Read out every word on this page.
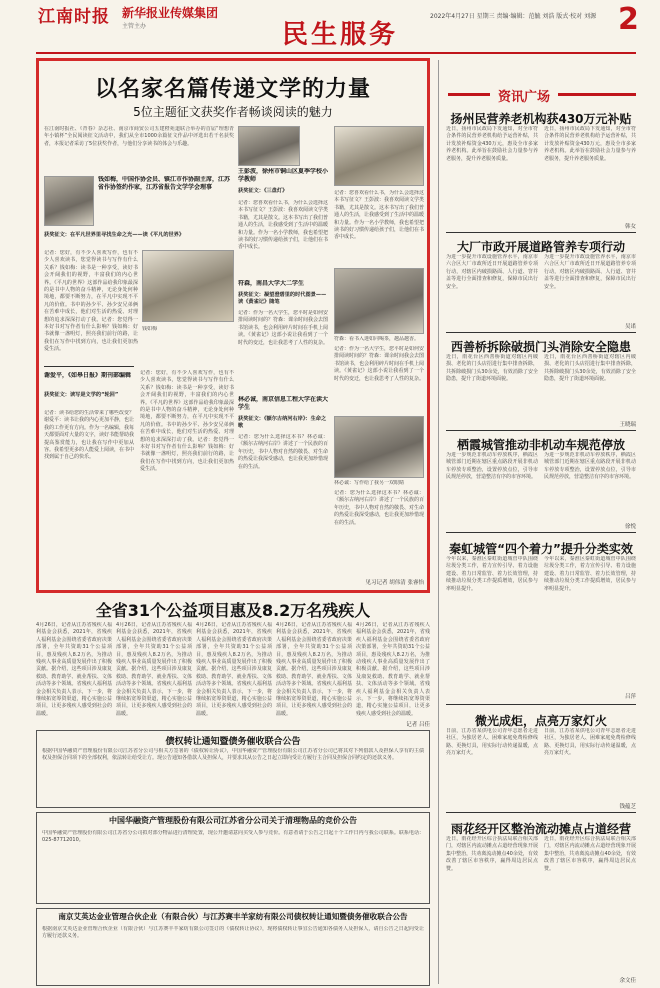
江南时报 新华报业传媒集团
主管主办	民生服务
2022年4月27日 星期三 责编·编辑：范毓 刘浩 版式·校对 刘源 2
以名家名篇传递文学的力量
5位主题征文获奖作者畅谈阅读的魅力
在江南时报社、《青春》杂志社、南京市商贸公司五建橙苑道联合举办的首届“理想青年小镇杯”全民阅读征文活动中，我们从全市1000余篇征文作品中评选出若干名获奖者，本报记者采访了5位获奖作者，与他们分享读书的体会与乐趣。
钱如梅，中国作协会员、镇江市作协副主席，江苏省作协签约作家，江苏省报告文学学会理事
获奖征文：在平凡世界里寻找生命之光——读《平凡的世界》
记者：您好，有不少人喜欢写作，也有不少人喜欢读书，您觉得读书与写作有什么关系？钱如梅：读书是一种享受，读好书会开阔我们的视野，丰富我们的内心世界。《平凡的世界》这部作品给我印象最深的是书中人物的奋斗精神，无论身处何种境地，都要不断努力，在平凡中实现不平凡的价值。书中的孙少平、孙少安兄弟俩在苦难中成长，他们对生活的热爱、对理想的追求深深打动了我。记者：您觉得一本好书对写作者有什么影响？钱如梅：好书就像一盏明灯，照亮我们前行的路，让我们在写作中找到方向，也让我们更加热爱生活。
钱如梅
谢爱平，《如皋日报》期刊部编辑
获奖征文：读写是文学的“轮回”
记者：读书给您的生活带来了哪些改变？谢爱平：读书让我的内心更加平静，也让我的工作更有方向。作为一名编辑，我每天都要面对大量的文字，读好书能帮助我提高鉴赏能力，也让我在写作中更加从容。我希望更多的人能爱上阅读，在书中找到属于自己的快乐。
记者：您好，有不少人喜欢写作，也有不少人喜欢读书，您觉得读书与写作有什么关系？钱如梅：读书是一种享受，读好书会开阔我们的视野，丰富我们的内心世界。《平凡的世界》这部作品给我印象最深的是书中人物的奋斗精神，无论身处何种境地，都要不断努力，在平凡中实现不平凡的价值。书中的孙少平、孙少安兄弟俩在苦难中成长，他们对生活的热爱、对理想的追求深深打动了我。记者：您觉得一本好书对写作者有什么影响？钱如梅：好书就像一盏明灯，照亮我们前行的路，让我们在写作中找到方向，也让我们更加热爱生活。
王彭波，徐州市铜山区夏季学校小学教师
获奖征文：《三盘灯》
记者：您喜欢看什么书，为什么会选择这本书写征文？王彭波：我喜欢阅读文学类书籍，尤其是散文。这本书写出了我们普通人的生活，让我感受到了生活中的温暖和力量。作为一名小学教师，我也希望把读书的好习惯传递给孩子们，让他们在书香中成长。
符森，南昌大学大二学生
获奖征文：凝望澄碧里的时代图景——读《黄雀记》随笔
记者：作为一名大学生，您平时是如何安排阅读时间的？符森：课余时间我会去图书馆读书，也会利用碎片时间在手机上阅读。《黄雀记》这部小说让我看到了一个时代的变迁，也让我思考了人性的复杂。
林必诚，南京信息工程大学在读大学生
获奖征文：《额尔古纳河右岸》：生命之歌
记者：您为什么选择这本书？林必诚：《额尔古纳河右岸》讲述了一个民族的百年历史，书中人物对自然的敬畏、对生命的热爱让我深受感动，也让我更加珍惜现在的生活。
记者：您喜欢看什么书，为什么会选择这本书写征文？王彭波：我喜欢阅读文学类书籍，尤其是散文。这本书写出了我们普通人的生活，让我感受到了生活中的温暖和力量。作为一名小学教师，我也希望把读书的好习惯传递给孩子们，让他们在书香中成长。
符森：看书入迷如同喝茶，越品越香。
记者：作为一名大学生，您平时是如何安排阅读时间的？符森：课余时间我会去图书馆读书，也会利用碎片时间在手机上阅读。《黄雀记》这部小说让我看到了一个时代的变迁，也让我思考了人性的复杂。
林必诚：写作给了我另一双眼睛
记者：您为什么选择这本书？林必诚：《额尔古纳河右岸》讲述了一个民族的百年历史，书中人物对自然的敬畏、对生命的热爱让我深受感动，也让我更加珍惜现在的生活。
见习记者 胡伟清 张睿怡
全省31个公益项目惠及8.2万名残疾人
4月26日，记者从江苏省残疾人福利基金会获悉，2021年，省残疾人福利基金会围绕省委省政府决策部署，全年共资助31个公益项目，惠及残疾人8.2万名，为推动残疾人事业高质量发展作出了积极贡献。据介绍，这些项目涉及康复救助、教育助学、就业帮扶、文体活动等多个领域。省残疾人福利基金会相关负责人表示，下一步，将继续拓宽筹资渠道，精心实施公益项目，让更多残疾人感受到社会的温暖。
4月26日，记者从江苏省残疾人福利基金会获悉，2021年，省残疾人福利基金会围绕省委省政府决策部署，全年共资助31个公益项目，惠及残疾人8.2万名，为推动残疾人事业高质量发展作出了积极贡献。据介绍，这些项目涉及康复救助、教育助学、就业帮扶、文体活动等多个领域。省残疾人福利基金会相关负责人表示，下一步，将继续拓宽筹资渠道，精心实施公益项目，让更多残疾人感受到社会的温暖。
4月26日，记者从江苏省残疾人福利基金会获悉，2021年，省残疾人福利基金会围绕省委省政府决策部署，全年共资助31个公益项目，惠及残疾人8.2万名，为推动残疾人事业高质量发展作出了积极贡献。据介绍，这些项目涉及康复救助、教育助学、就业帮扶、文体活动等多个领域。省残疾人福利基金会相关负责人表示，下一步，将继续拓宽筹资渠道，精心实施公益项目，让更多残疾人感受到社会的温暖。
4月26日，记者从江苏省残疾人福利基金会获悉，2021年，省残疾人福利基金会围绕省委省政府决策部署，全年共资助31个公益项目，惠及残疾人8.2万名，为推动残疾人事业高质量发展作出了积极贡献。据介绍，这些项目涉及康复救助、教育助学、就业帮扶、文体活动等多个领域。省残疾人福利基金会相关负责人表示，下一步，将继续拓宽筹资渠道，精心实施公益项目，让更多残疾人感受到社会的温暖。
4月26日，记者从江苏省残疾人福利基金会获悉，2021年，省残疾人福利基金会围绕省委省政府决策部署，全年共资助31个公益项目，惠及残疾人8.2万名，为推动残疾人事业高质量发展作出了积极贡献。据介绍，这些项目涉及康复救助、教育助学、就业帮扶、文体活动等多个领域。省残疾人福利基金会相关负责人表示，下一步，将继续拓宽筹资渠道，精心实施公益项目，让更多残疾人感受到社会的温暖。
记者 吕佳
债权转让通知暨债务催收联合公告
根据中国华融资产管理股份有限公司江苏省分公司与相关方签署的《债权转让协议》，中国华融资产管理股份有限公司江苏省分公司已将其对下列借款人及担保人享有的主债权及担保合同项下的全部权利，依法转让给受让方。现公告通知各借款人及担保人，并要求其从公告之日起立即向受让方履行主合同及担保合同约定的还款义务。
中国华融资产管理股份有限公司江苏省分公司关于清理物品的竞价公告
中国华融资产管理股份有限公司江苏省分公司拟对部分物品进行清理处置，现公开邀请意向买受人参与竞价。有意者请于公告之日起十个工作日内与我公司联系。联系电话：025-87712010。
南京艾英达金业管理合伙企业（有限合伙）与江苏赛丰羊家纺有限公司债权转让通知暨债务催收联合公告
根据南京艾英达金业管理合伙企业（有限合伙）与江苏赛丰羊家纺有限公司签订的《债权转让协议》，现将债权转让事宜公告通知各债务人及担保人，请自公告之日起向受让方履行还款义务。
资讯广场
扬州民营养老机构获430万元补贴
近日，扬州市民政局下发通知，对全市符合条件的民营养老机构给予运营补贴，共计发放补贴资金430万元，惠及全市多家养老机构。此举旨在鼓励社会力量参与养老服务，提升养老服务质量。
近日，扬州市民政局下发通知，对全市符合条件的民营养老机构给予运营补贴，共计发放补贴资金430万元，惠及全市多家养老机构。此举旨在鼓励社会力量参与养老服务，提升养老服务质量。
韩女
大厂市政开展道路管养专项行动
为进一步提升市政设施管养水平，南京市六合区大厂市政所近日开展道路管养专项行动，对辖区内破损路面、人行道、窨井盖等进行全面排查和修复，保障市民出行安全。
为进一步提升市政设施管养水平，南京市六合区大厂市政所近日开展道路管养专项行动，对辖区内破损路面、人行道、窨井盖等进行全面排查和修复，保障市民出行安全。
吴诺
西善桥拆除破损门头消除安全隐患
近日，雨花台区西善桥街道对辖区内破损、老化的门头店招进行集中排查拆除，共拆除破损门头30余处，有效消除了安全隐患，提升了街道环境面貌。
近日，雨花台区西善桥街道对辖区内破损、老化的门头店招进行集中排查拆除，共拆除破损门头30余处，有效消除了安全隐患，提升了街道环境面貌。
王晓瑞
栖霞城管推动非机动车规范停放
为进一步规范非机动车停放秩序，栖霞区城管部门近期在辖区重点路段开展非机动车停放专项整治，设置停放点位，引导市民规范停放，营造整洁有序的市容环境。
为进一步规范非机动车停放秩序，栖霞区城管部门近期在辖区重点路段开展非机动车停放专项整治，设置停放点位，引导市民规范停放，营造整洁有序的市容环境。
徐悦
秦虹城管“四个着力”提升分类实效
今年以来，秦淮区秦虹街道城管中队围绕垃圾分类工作，着力宣传引导、着力设施建设、着力日常监管、着力长效管理，持续推动垃圾分类工作提质增效，居民参与率明显提升。
今年以来，秦淮区秦虹街道城管中队围绕垃圾分类工作，着力宣传引导、着力设施建设、着力日常监管、着力长效管理，持续推动垃圾分类工作提质增效，居民参与率明显提升。
吕萍
微光成炬，点亮万家灯火
日前，江苏省某供电公司青年志愿者走进社区，为独居老人、困难家庭免费检修线路、更换灯具，用实际行动传递温暖，点亮万家灯火。
日前，江苏省某供电公司青年志愿者走进社区，为独居老人、困难家庭免费检修线路、更换灯具，用实际行动传递温暖，点亮万家灯火。
钱蕴芝
雨花经开区整治流动摊点占道经营
近日，雨花经开区综合执法局联合相关部门，对辖区内流动摊点占道经营现象开展集中整治，共劝离流动摊点40余处，有效改善了辖区市容秩序，赢得周边居民点赞。
近日，雨花经开区综合执法局联合相关部门，对辖区内流动摊点占道经营现象开展集中整治，共劝离流动摊点40余处，有效改善了辖区市容秩序，赢得周边居民点赞。
余文佳
